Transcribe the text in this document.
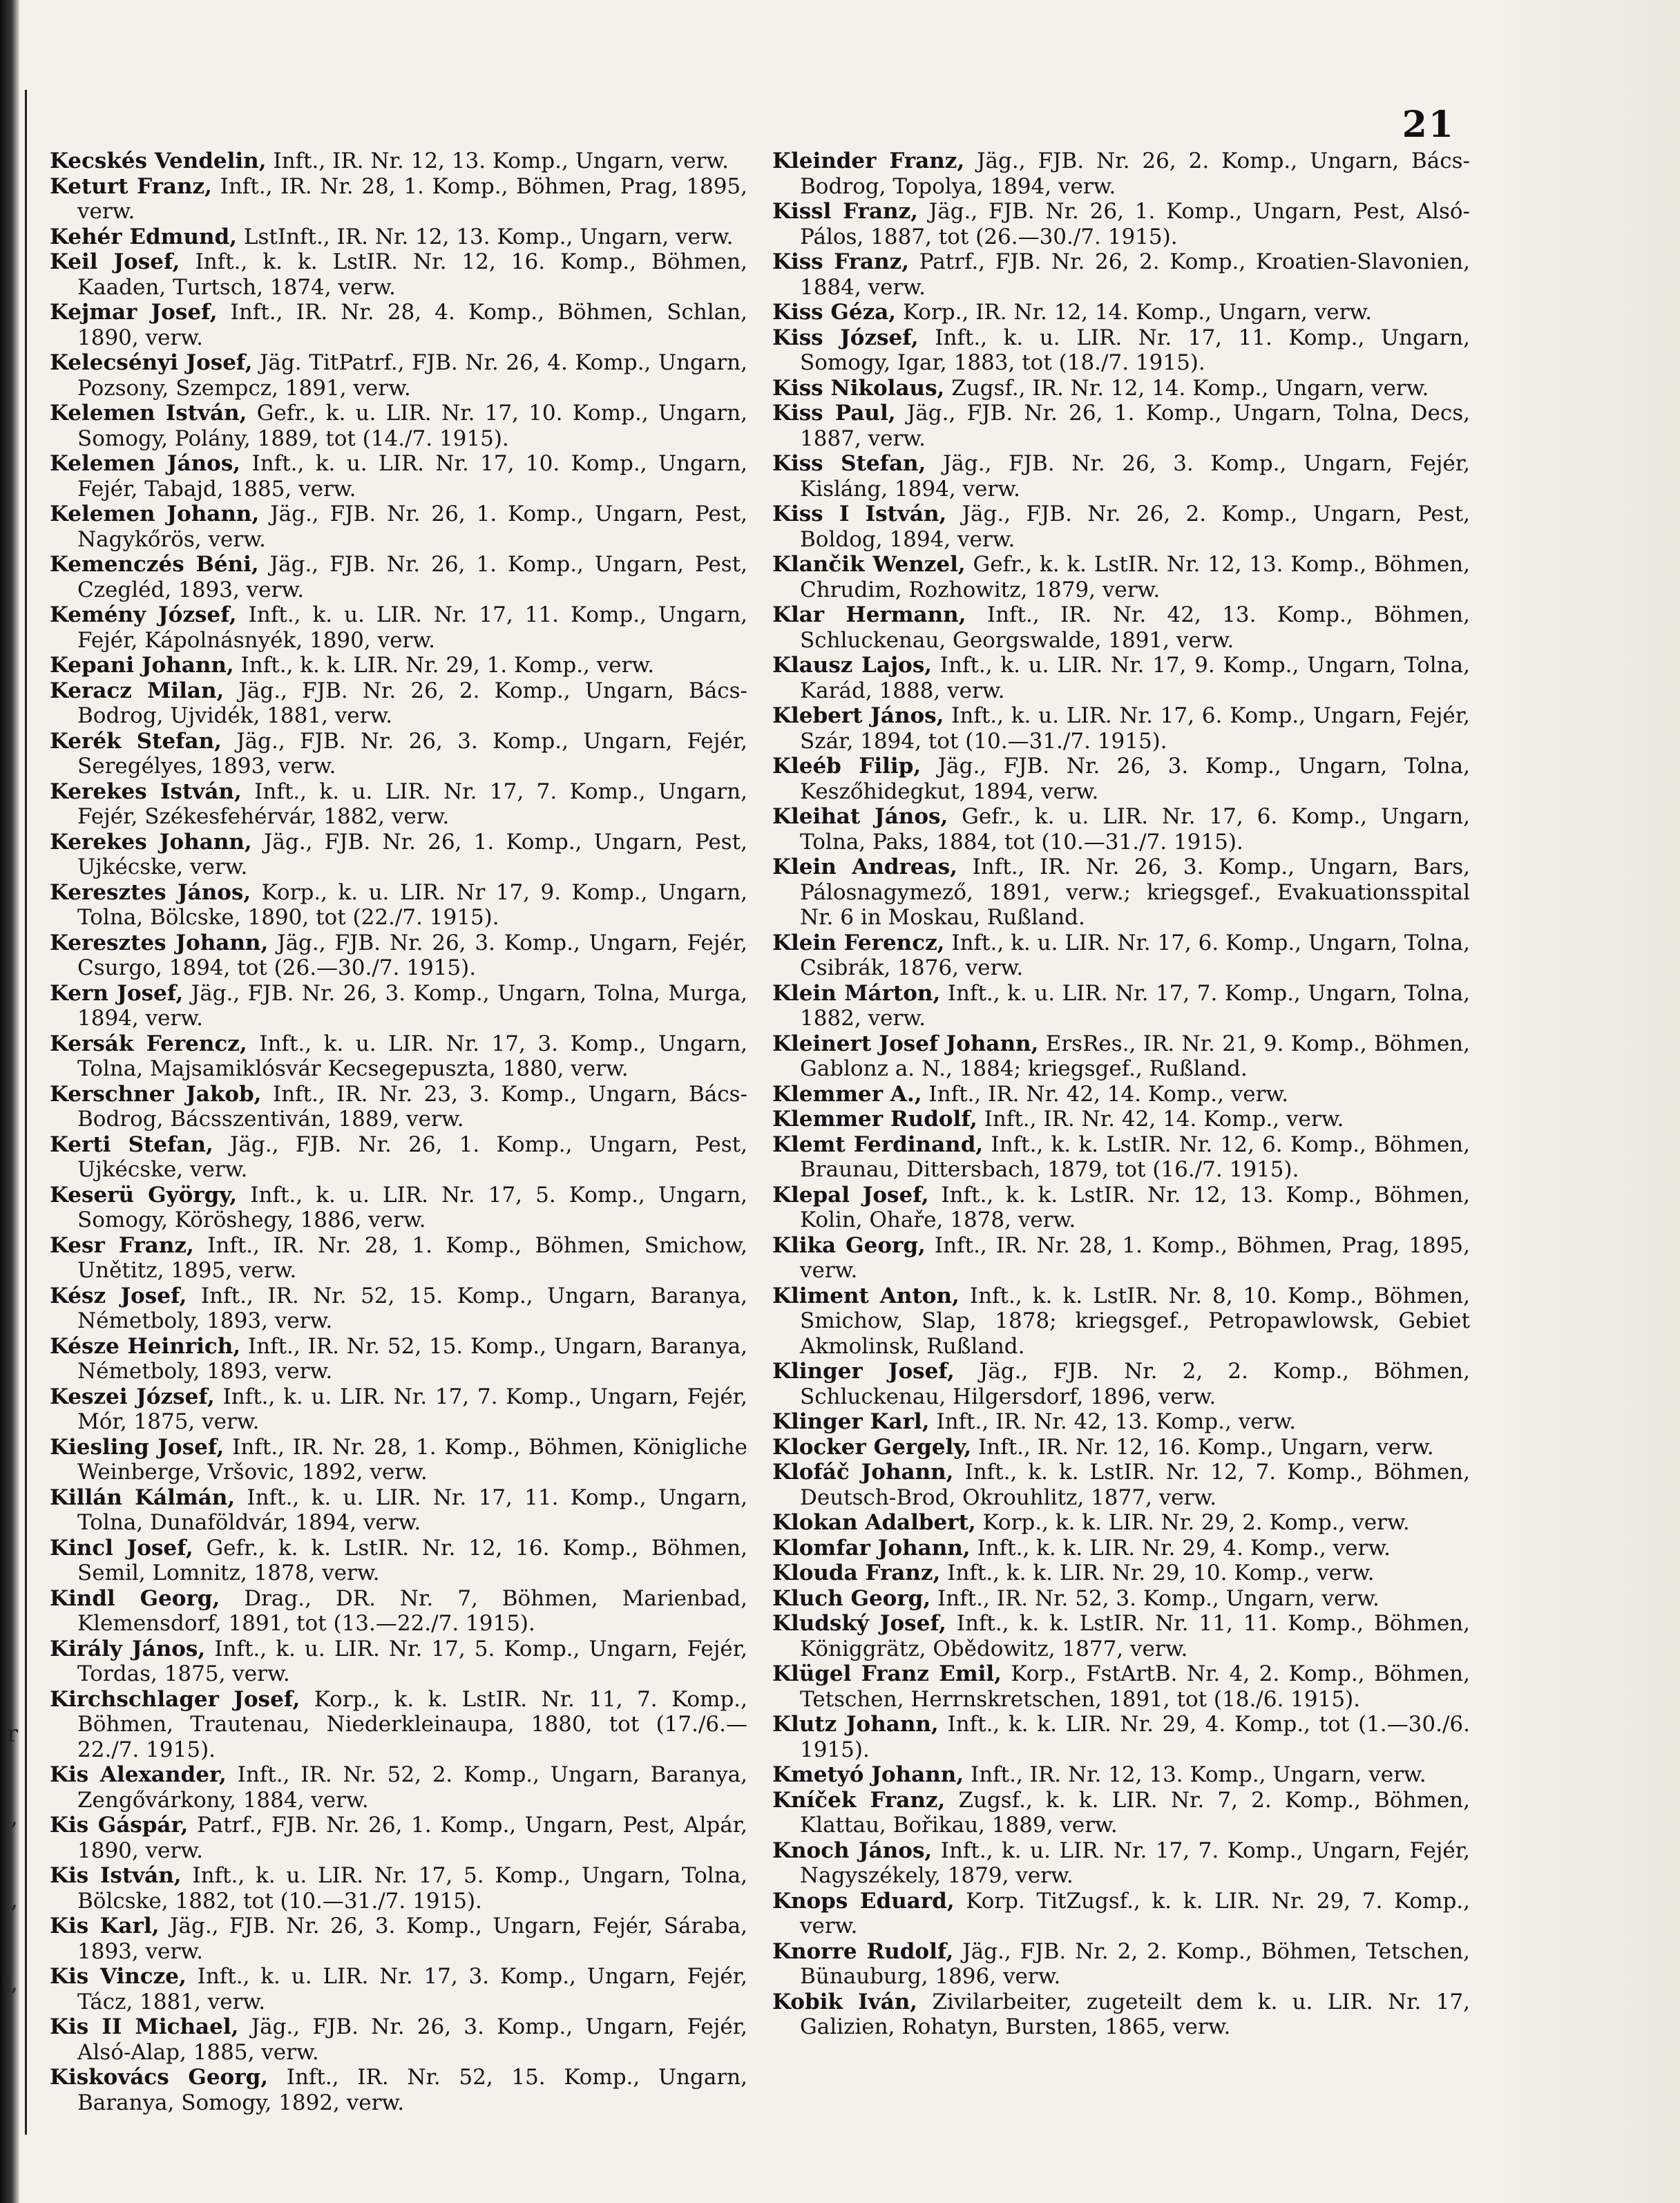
r
,
,
t,
21

Kecskés Vendelin, Inft., IR. Nr. 12, 13. Komp., Ungarn, verw.

Keturt Franz, Inft., IR. Nr. 28, 1. Komp., Böhmen, Prag, 1895, verw.

Kehér Edmund, LstInft., IR. Nr. 12, 13. Komp., Ungarn, verw.

Keil Josef, Inft., k. k. LstIR. Nr. 12, 16. Komp., Böhmen, Kaaden, Turtsch, 1874, verw.

Kejmar Josef, Inft., IR. Nr. 28, 4. Komp., Böhmen, Schlan, 1890, verw.

Kelecsényi Josef, Jäg. TitPatrf., FJB. Nr. 26, 4. Komp., Ungarn, Pozsony, Szempcz, 1891, verw.

Kelemen István, Gefr., k. u. LIR. Nr. 17, 10. Komp., Ungarn, Somogy, Polány, 1889, tot (14./7. 1915).

Kelemen János, Inft., k. u. LIR. Nr. 17, 10. Komp., Ungarn, Fejér, Tabajd, 1885, verw.

Kelemen Johann, Jäg., FJB. Nr. 26, 1. Komp., Ungarn, Pest, Nagykőrös, verw.

Kemenczés Béni, Jäg., FJB. Nr. 26, 1. Komp., Ungarn, Pest, Czegléd, 1893, verw.

Kemény József, Inft., k. u. LIR. Nr. 17, 11. Komp., Ungarn, Fejér, Kápolnásnyék, 1890, verw.

Kepani Johann, Inft., k. k. LIR. Nr. 29, 1. Komp., verw.

Keracz Milan, Jäg., FJB. Nr. 26, 2. Komp., Ungarn, Bács-Bodrog, Ujvidék, 1881, verw.

Kerék Stefan, Jäg., FJB. Nr. 26, 3. Komp., Ungarn, Fejér, Seregélyes, 1893, verw.

Kerekes István, Inft., k. u. LIR. Nr. 17, 7. Komp., Ungarn, Fejér, Székesfehérvár, 1882, verw.

Kerekes Johann, Jäg., FJB. Nr. 26, 1. Komp., Ungarn, Pest, Ujkécske, verw.

Keresztes János, Korp., k. u. LIR. Nr 17, 9. Komp., Ungarn, Tolna, Bölcske, 1890, tot (22./7. 1915).

Keresztes Johann, Jäg., FJB. Nr. 26, 3. Komp., Ungarn, Fejér, Csurgo, 1894, tot (26.—30./7. 1915).

Kern Josef, Jäg., FJB. Nr. 26, 3. Komp., Ungarn, Tolna, Murga, 1894, verw.

Kersák Ferencz, Inft., k. u. LIR. Nr. 17, 3. Komp., Ungarn, Tolna, Majsamiklósvár Kecsegepuszta, 1880, verw.

Kerschner Jakob, Inft., IR. Nr. 23, 3. Komp., Ungarn, Bács-Bodrog, Bácsszentiván, 1889, verw.

Kerti Stefan, Jäg., FJB. Nr. 26, 1. Komp., Ungarn, Pest, Ujkécske, verw.

Keserü György, Inft., k. u. LIR. Nr. 17, 5. Komp., Ungarn, Somogy, Köröshegy, 1886, verw.

Kesr Franz, Inft., IR. Nr. 28, 1. Komp., Böhmen, Smichow, Unětitz, 1895, verw.

Kész Josef, Inft., IR. Nr. 52, 15. Komp., Ungarn, Baranya, Németboly, 1893, verw.

Késze Heinrich, Inft., IR. Nr. 52, 15. Komp., Ungarn, Baranya, Németboly, 1893, verw.

Keszei József, Inft., k. u. LIR. Nr. 17, 7. Komp., Ungarn, Fejér, Mór, 1875, verw.

Kiesling Josef, Inft., IR. Nr. 28, 1. Komp., Böhmen, Königliche Weinberge, Vršovic, 1892, verw.

Killán Kálmán, Inft., k. u. LIR. Nr. 17, 11. Komp., Ungarn, Tolna, Dunaföldvár, 1894, verw.

Kincl Josef, Gefr., k. k. LstIR. Nr. 12, 16. Komp., Böhmen, Semil, Lomnitz, 1878, verw.

Kindl Georg, Drag., DR. Nr. 7, Böhmen, Marienbad, Klemensdorf, 1891, tot (13.—22./7. 1915).

Király János, Inft., k. u. LIR. Nr. 17, 5. Komp., Ungarn, Fejér, Tordas, 1875, verw.

Kirchschlager Josef, Korp., k. k. LstIR. Nr. 11, 7. Komp., Böhmen, Trautenau, Niederkleinaupa, 1880, tot (17./6.—22./7. 1915).

Kis Alexander, Inft., IR. Nr. 52, 2. Komp., Ungarn, Baranya, Zengővárkony, 1884, verw.

Kis Gáspár, Patrf., FJB. Nr. 26, 1. Komp., Ungarn, Pest, Alpár, 1890, verw.

Kis István, Inft., k. u. LIR. Nr. 17, 5. Komp., Ungarn, Tolna, Bölcske, 1882, tot (10.—31./7. 1915).

Kis Karl, Jäg., FJB. Nr. 26, 3. Komp., Ungarn, Fejér, Sáraba, 1893, verw.

Kis Vincze, Inft., k. u. LIR. Nr. 17, 3. Komp., Ungarn, Fejér, Tácz, 1881, verw.

Kis II Michael, Jäg., FJB. Nr. 26, 3. Komp., Ungarn, Fejér, Alsó-Alap, 1885, verw.

Kiskovács Georg, Inft., IR. Nr. 52, 15. Komp., Ungarn, Baranya, Somogy, 1892, verw.

Kleinder Franz, Jäg., FJB. Nr. 26, 2. Komp., Ungarn, Bács-Bodrog, Topolya, 1894, verw.

Kissl Franz, Jäg., FJB. Nr. 26, 1. Komp., Ungarn, Pest, Alsó-Pálos, 1887, tot (26.—30./7. 1915).

Kiss Franz, Patrf., FJB. Nr. 26, 2. Komp., Kroatien-Slavonien, 1884, verw.

Kiss Géza, Korp., IR. Nr. 12, 14. Komp., Ungarn, verw.

Kiss József, Inft., k. u. LIR. Nr. 17, 11. Komp., Ungarn, Somogy, Igar, 1883, tot (18./7. 1915).

Kiss Nikolaus, Zugsf., IR. Nr. 12, 14. Komp., Ungarn, verw.

Kiss Paul, Jäg., FJB. Nr. 26, 1. Komp., Ungarn, Tolna, Decs, 1887, verw.

Kiss Stefan, Jäg., FJB. Nr. 26, 3. Komp., Ungarn, Fejér, Kisláng, 1894, verw.

Kiss I István, Jäg., FJB. Nr. 26, 2. Komp., Ungarn, Pest, Boldog, 1894, verw.

Klančik Wenzel, Gefr., k. k. LstIR. Nr. 12, 13. Komp., Böhmen, Chrudim, Rozhowitz, 1879, verw.

Klar Hermann, Inft., IR. Nr. 42, 13. Komp., Böhmen, Schluckenau, Georgswalde, 1891, verw.

Klausz Lajos, Inft., k. u. LIR. Nr. 17, 9. Komp., Ungarn, Tolna, Karád, 1888, verw.

Klebert János, Inft., k. u. LIR. Nr. 17, 6. Komp., Ungarn, Fejér, Szár, 1894, tot (10.—31./7. 1915).

Kleéb Filip, Jäg., FJB. Nr. 26, 3. Komp., Ungarn, Tolna, Keszőhidegkut, 1894, verw.

Kleihat János, Gefr., k. u. LIR. Nr. 17, 6. Komp., Ungarn, Tolna, Paks, 1884, tot (10.—31./7. 1915).

Klein Andreas, Inft., IR. Nr. 26, 3. Komp., Ungarn, Bars, Pálosnagymező, 1891, verw.; kriegsgef., Evakuationsspital Nr. 6 in Moskau, Rußland.

Klein Ferencz, Inft., k. u. LIR. Nr. 17, 6. Komp., Ungarn, Tolna, Csibrák, 1876, verw.

Klein Márton, Inft., k. u. LIR. Nr. 17, 7. Komp., Ungarn, Tolna, 1882, verw.

Kleinert Josef Johann, ErsRes., IR. Nr. 21, 9. Komp., Böhmen, Gablonz a. N., 1884; kriegsgef., Rußland.

Klemmer A., Inft., IR. Nr. 42, 14. Komp., verw.

Klemmer Rudolf, Inft., IR. Nr. 42, 14. Komp., verw.

Klemt Ferdinand, Inft., k. k. LstIR. Nr. 12, 6. Komp., Böhmen, Braunau, Dittersbach, 1879, tot (16./7. 1915).

Klepal Josef, Inft., k. k. LstIR. Nr. 12, 13. Komp., Böhmen, Kolin, Ohaře, 1878, verw.

Klika Georg, Inft., IR. Nr. 28, 1. Komp., Böhmen, Prag, 1895, verw.

Kliment Anton, Inft., k. k. LstIR. Nr. 8, 10. Komp., Böhmen, Smichow, Slap, 1878; kriegsgef., Petropawlowsk, Gebiet Akmolinsk, Rußland.

Klinger Josef, Jäg., FJB. Nr. 2, 2. Komp., Böhmen, Schluckenau, Hilgersdorf, 1896, verw.

Klinger Karl, Inft., IR. Nr. 42, 13. Komp., verw.

Klocker Gergely, Inft., IR. Nr. 12, 16. Komp., Ungarn, verw.

Klofáč Johann, Inft., k. k. LstIR. Nr. 12, 7. Komp., Böhmen, Deutsch-Brod, Okrouhlitz, 1877, verw.

Klokan Adalbert, Korp., k. k. LIR. Nr. 29, 2. Komp., verw.

Klomfar Johann, Inft., k. k. LIR. Nr. 29, 4. Komp., verw.

Klouda Franz, Inft., k. k. LIR. Nr. 29, 10. Komp., verw.

Kluch Georg, Inft., IR. Nr. 52, 3. Komp., Ungarn, verw.

Kludský Josef, Inft., k. k. LstIR. Nr. 11, 11. Komp., Böhmen, Königgrätz, Obědowitz, 1877, verw.

Klügel Franz Emil, Korp., FstArtB. Nr. 4, 2. Komp., Böhmen, Tetschen, Herrnskretschen, 1891, tot (18./6. 1915).

Klutz Johann, Inft., k. k. LIR. Nr. 29, 4. Komp., tot (1.—30./6. 1915).

Kmetyó Johann, Inft., IR. Nr. 12, 13. Komp., Ungarn, verw.

Kníček Franz, Zugsf., k. k. LIR. Nr. 7, 2. Komp., Böhmen, Klattau, Bořikau, 1889, verw.

Knoch János, Inft., k. u. LIR. Nr. 17, 7. Komp., Ungarn, Fejér, Nagyszékely, 1879, verw.

Knops Eduard, Korp. TitZugsf., k. k. LIR. Nr. 29, 7. Komp., verw.

Knorre Rudolf, Jäg., FJB. Nr. 2, 2. Komp., Böhmen, Tetschen, Bünauburg, 1896, verw.

Kobik Iván, Zivilarbeiter, zugeteilt dem k. u. LIR. Nr. 17, Galizien, Rohatyn, Bursten, 1865, verw.
